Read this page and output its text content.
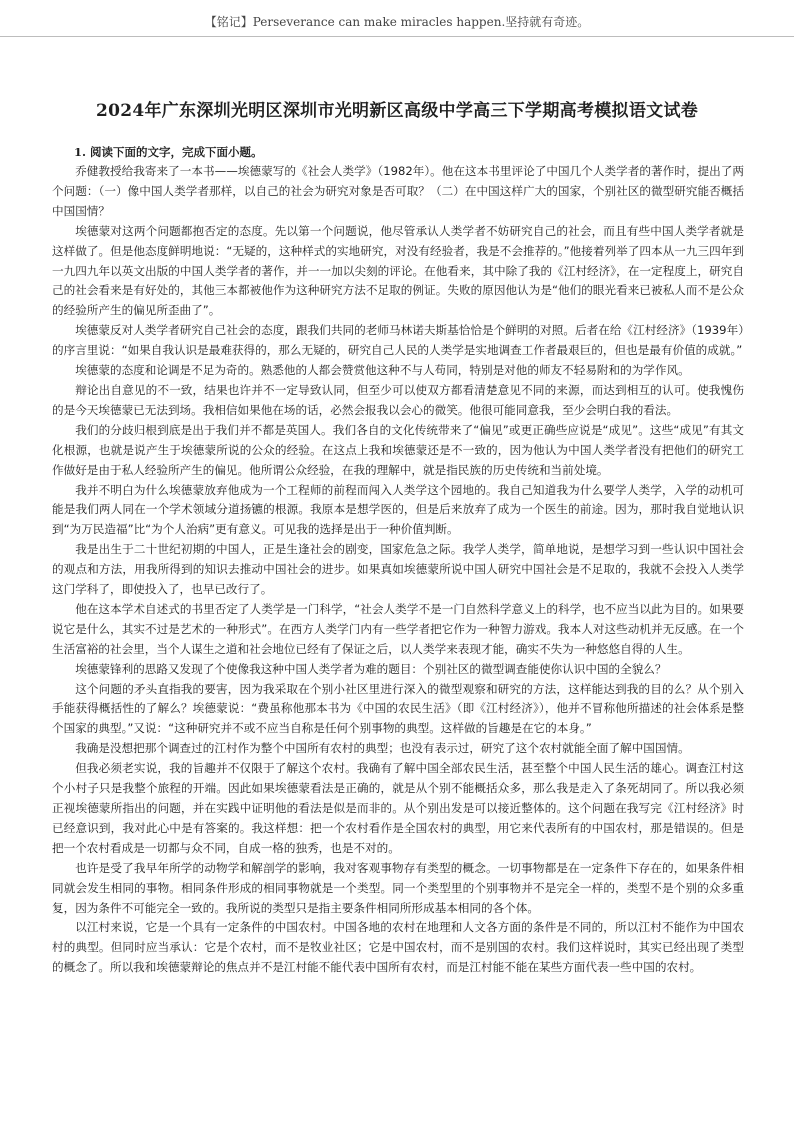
【铭记】Perseverance can make miracles happen.坚持就有奇迹。
2024年广东深圳光明区深圳市光明新区高级中学高三下学期高考模拟语文试卷
1. 阅读下面的文字，完成下面小题。

乔健教授给我寄来了一本书——埃德蒙写的《社会人类学》（1982年）。他在这本书里评论了中国几个人类学者的著作时，提出了两个问题：（一）像中国人类学者那样，以自己的社会为研究对象是否可取？（二）在中国这样广大的国家，个别社区的微型研究能否概括中国国情？

埃德蒙对这两个问题都抱否定的态度。先以第一个问题说，他尽管承认人类学者不妨研究自己的社会，而且有些中国人类学者就是这样做了。但是他态度鲜明地说：“无疑的，这种样式的实地研究，对没有经验者，我是不会推荐的。”他接着列举了四本从一九三四年到一九四九年以英文出版的中国人类学者的著作，并一一加以尖刻的评论。在他看来，其中除了我的《江村经济》，在一定程度上，研究自己的社会看来是有好处的，其他三本都被他作为这种研究方法不足取的例证。失败的原因他认为是“他们的眼光看来已被私人而不是公众的经验所产生的偏见所歪曲了”。

埃德蒙反对人类学者研究自己社会的态度，跟我们共同的老师马林诺夫斯基恰恰是个鲜明的对照。后者在给《江村经济》（1939年）的序言里说：“如果自我认识是最难获得的，那么无疑的，研究自己人民的人类学是实地调查工作者最艰巨的，但也是最有价值的成就。”

埃德蒙的态度和论调是不足为奇的。熟悉他的人都会赞赏他这种不与人苟同，特别是对他的师友不轻易附和的为学作风。

辩论出自意见的不一致，结果也许并不一定导致认同，但至少可以使双方都看清楚意见不同的来源，而达到相互的认可。使我愧伤的是今天埃德蒙已无法到场。我相信如果他在场的话，必然会报我以会心的微笑。他很可能同意我，至少会明白我的看法。

我们的分歧归根到底是出于我们并不都是英国人。我们各自的文化传统带来了“偏见”或更正确些应说是“成见”。这些“成见”有其文化根源，也就是说产生于埃德蒙所说的公众的经验。在这点上我和埃德蒙还是不一致的，因为他认为中国人类学者没有把他们的研究工作做好是由于私人经验所产生的偏见。他所谓公众经验，在我的理解中，就是指民族的历史传统和当前处境。

我并不明白为什么埃德蒙放弃他成为一个工程师的前程而闯入人类学这个园地的。我自己知道我为什么要学人类学，入学的动机可能是我们两人同在一个学术领域分道扬镳的根源。我原本是想学医的，但是后来放弃了成为一个医生的前途。因为，那时我自觉地认识到“为万民造福”比“为个人治病”更有意义。可见我的选择是出于一种价值判断。

我是出生于二十世纪初期的中国人，正是生逢社会的剧变，国家危急之际。我学人类学，简单地说，是想学习到一些认识中国社会的观点和方法，用我所得到的知识去推动中国社会的进步。如果真如埃德蒙所说中国人研究中国社会是不足取的，我就不会投入人类学这门学科了，即使投入了，也早已改行了。

他在这本学术自述式的书里否定了人类学是一门科学，“社会人类学不是一门自然科学意义上的科学，也不应当以此为目的。如果要说它是什么，其实不过是艺术的一种形式”。在西方人类学门内有一些学者把它作为一种智力游戏。我本人对这些动机并无反感。在一个生活富裕的社会里，当个人谋生之道和社会地位已经有了保证之后，以人类学来表现才能，确实不失为一种悠悠自得的人生。

埃德蒙锋利的思路又发现了个使像我这种中国人类学者为难的题目：个别社区的微型调查能使你认识中国的全貌么？

这个问题的矛头直指我的要害，因为我采取在个别小社区里进行深入的微型观察和研究的方法，这样能达到我的目的么？从个别入手能获得概括性的了解么？埃德蒙说：“费虽称他那本书为《中国的农民生活》（即《江村经济》），他并不冒称他所描述的社会体系是整个国家的典型。”又说：“这种研究并不或不应当自称是任何个别事物的典型。这样做的旨趣是在它的本身。”

我确是没想把那个调查过的江村作为整个中国所有农村的典型；也没有表示过，研究了这个农村就能全面了解中国国情。

但我必须老实说，我的旨趣并不仅限于了解这个农村。我确有了解中国全部农民生活，甚至整个中国人民生活的雄心。调查江村这个小村子只是我整个旅程的开端。因此如果埃德蒙看法是正确的，就是从个别不能概括众多，那么我是走入了条死胡同了。所以我必须正视埃德蒙所指出的问题，并在实践中证明他的看法是似是而非的。从个别出发是可以接近整体的。这个问题在我写完《江村经济》时已经意识到，我对此心中是有答案的。我这样想：把一个农村看作是全国农村的典型，用它来代表所有的中国农村，那是错误的。但是把一个农村看成是一切都与众不同，自成一格的独秀，也是不对的。

也许是受了我早年所学的动物学和解剖学的影响，我对客观事物存有类型的概念。一切事物都是在一定条件下存在的，如果条件相同就会发生相同的事物。相同条件形成的相同事物就是一个类型。同一个类型里的个别事物并不是完全一样的，类型不是个别的众多重复，因为条件不可能完全一致的。我所说的类型只是指主要条件相同所形成基本相同的各个体。

以江村来说，它是一个具有一定条件的中国农村。中国各地的农村在地理和人文各方面的条件是不同的，所以江村不能作为中国农村的典型。但同时应当承认：它是个农村，而不是牧业社区；它是中国农村，而不是别国的农村。我们这样说时，其实已经出现了类型的概念了。所以我和埃德蒙辩论的焦点并不是江村能不能代表中国所有农村，而是江村能不能在某些方面代表一些中国的农村。
